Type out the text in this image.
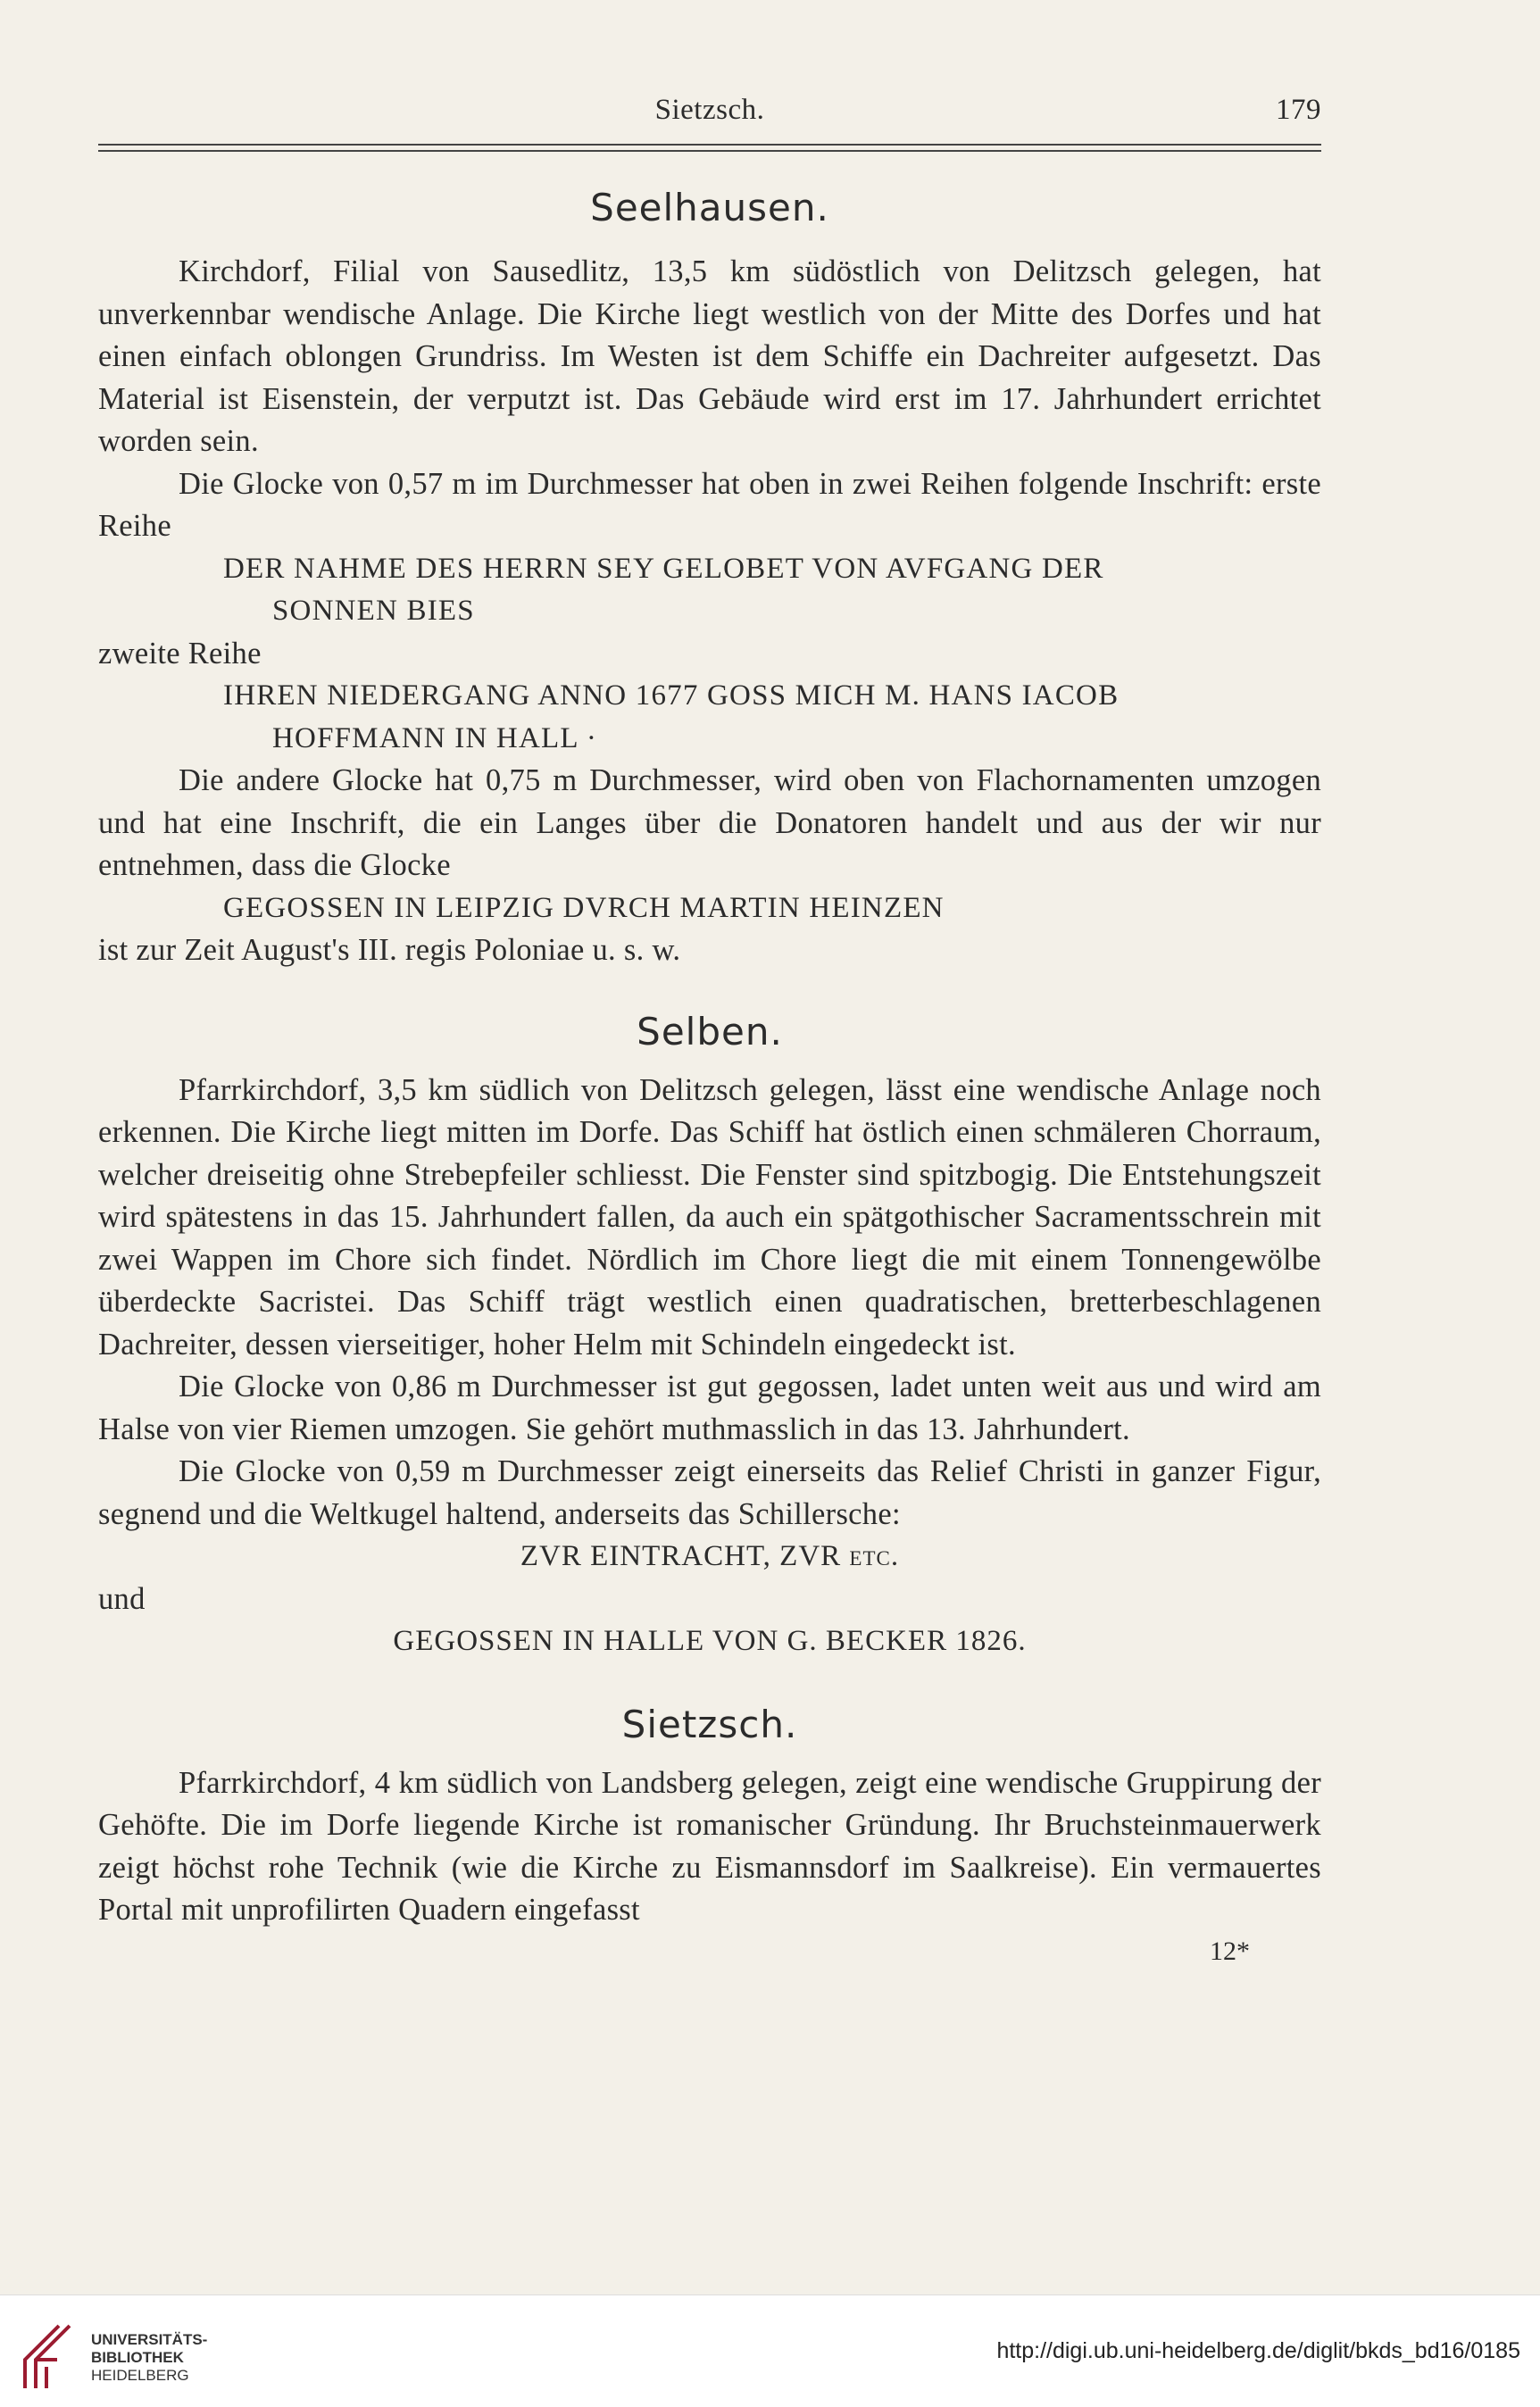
Sietzsch.	179
Seelhausen.

Kirchdorf, Filial von Sausedlitz, 13,5 km südöstlich von Delitzsch gelegen, hat unverkennbar wendische Anlage. Die Kirche liegt westlich von der Mitte des Dorfes und hat einen einfach oblongen Grundriss. Im Westen ist dem Schiffe ein Dachreiter aufgesetzt. Das Material ist Eisenstein, der verputzt ist. Das Gebäude wird erst im 17. Jahrhundert errichtet worden sein.

Die Glocke von 0,57 m im Durchmesser hat oben in zwei Reihen folgende Inschrift: erste Reihe

DER NAHME DES HERRN SEY GELOBET VON AVFGANG DER
SONNEN BIES

zweite Reihe

IHREN NIEDERGANG ANNO 1677 GOSS MICH M. HANS IACOB
HOFFMANN IN HALL ·

Die andere Glocke hat 0,75 m Durchmesser, wird oben von Flachornamenten umzogen und hat eine Inschrift, die ein Langes über die Donatoren handelt und aus der wir nur entnehmen, dass die Glocke

GEGOSSEN IN LEIPZIG DVRCH MARTIN HEINZEN

ist zur Zeit August's III. regis Poloniae u. s. w.

Selben.

Pfarrkirchdorf, 3,5 km südlich von Delitzsch gelegen, lässt eine wendische Anlage noch erkennen. Die Kirche liegt mitten im Dorfe. Das Schiff hat östlich einen schmäleren Chorraum, welcher dreiseitig ohne Strebepfeiler schliesst. Die Fenster sind spitzbogig. Die Entstehungszeit wird spätestens in das 15. Jahrhundert fallen, da auch ein spätgothischer Sacramentsschrein mit zwei Wappen im Chore sich findet. Nördlich im Chore liegt die mit einem Tonnengewölbe überdeckte Sacristei. Das Schiff trägt westlich einen quadratischen, bretterbeschlagenen Dachreiter, dessen vierseitiger, hoher Helm mit Schindeln eingedeckt ist.

Die Glocke von 0,86 m Durchmesser ist gut gegossen, ladet unten weit aus und wird am Halse von vier Riemen umzogen. Sie gehört muthmasslich in das 13. Jahrhundert.

Die Glocke von 0,59 m Durchmesser zeigt einerseits das Relief Christi in ganzer Figur, segnend und die Weltkugel haltend, anderseits das Schillersche:

ZVR EINTRACHT, ZVR etc.

und

GEGOSSEN IN HALLE VON G. BECKER 1826.
Sietzsch.

Pfarrkirchdorf, 4 km südlich von Landsberg gelegen, zeigt eine wendische Gruppirung der Gehöfte. Die im Dorfe liegende Kirche ist romanischer Gründung. Ihr Bruchsteinmauerwerk zeigt höchst rohe Technik (wie die Kirche zu Eismannsdorf im Saalkreise). Ein vermauertes Portal mit unprofilirten Quadern eingefasst

12*
UNIVERSITÄTS-
BIBLIOTHEK
HEIDELBERG
http://digi.ub.uni-heidelberg.de/diglit/bkds_bd16/0185
